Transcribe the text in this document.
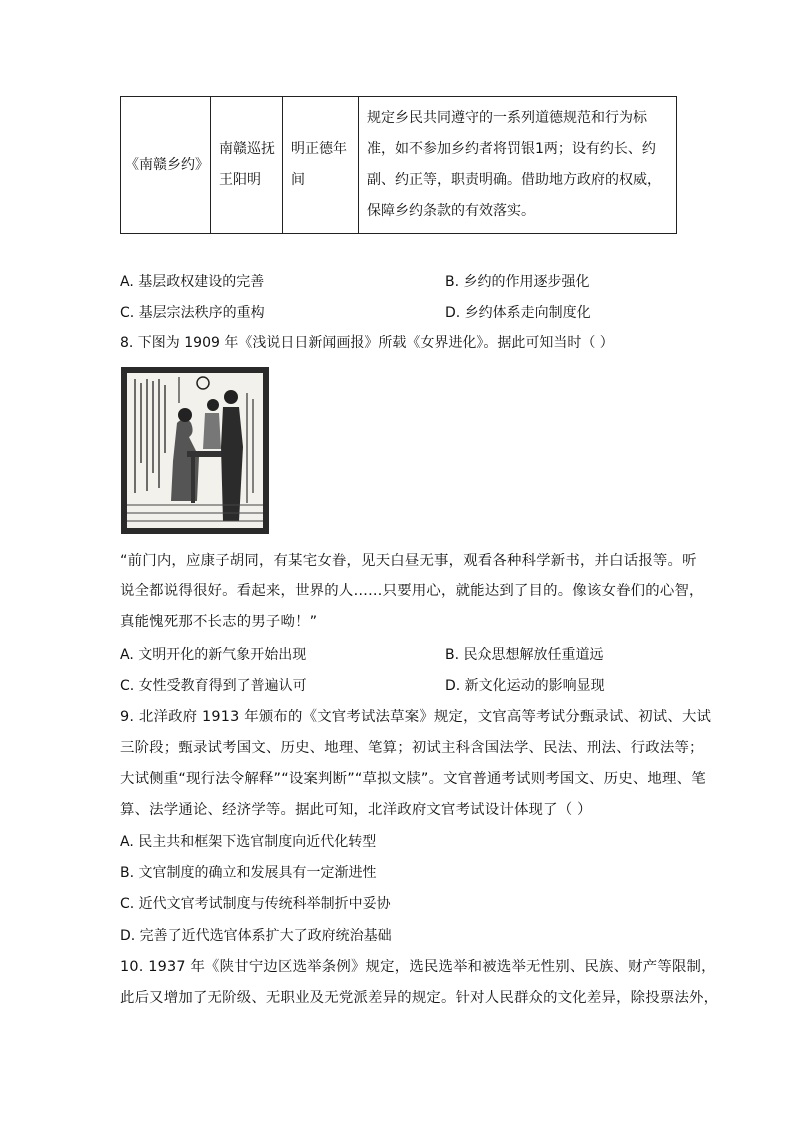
《南赣乡约》	南赣巡抚王阳明	明正德年间	规定乡民共同遵守的一系列道德规范和行为标准，如不参加乡约者将罚银1两；设有约长、约副、约正等，职责明确。借助地方政府的权威，保障乡约条款的有效落实。
A. 基层政权建设的完善	B. 乡约的作用逐步强化
C. 基层宗法秩序的重构	D. 乡约体系走向制度化
8. 下图为 1909 年《浅说日日新闻画报》所载《女界进化》。据此可知当时（ ）
“前门内，应康子胡同，有某宅女眷，见天白昼无事，观看各种科学新书，并白话报等。听
说全都说得很好。看起来，世界的人……只要用心，就能达到了目的。像该女眷们的心智，
真能愧死那不长志的男子呦！”
A. 文明开化的新气象开始出现	B. 民众思想解放任重道远
C. 女性受教育得到了普遍认可	D. 新文化运动的影响显现
9. 北洋政府 1913 年颁布的《文官考试法草案》规定，文官高等考试分甄录试、初试、大试
三阶段；甄录试考国文、历史、地理、笔算；初试主科含国法学、民法、刑法、行政法等；
大试侧重“现行法令解释”“设案判断”“草拟文牍”。文官普通考试则考国文、历史、地理、笔
算、法学通论、经济学等。据此可知，北洋政府文官考试设计体现了（ ）
A. 民主共和框架下选官制度向近代化转型
B. 文官制度的确立和发展具有一定渐进性
C. 近代文官考试制度与传统科举制折中妥协
D. 完善了近代选官体系扩大了政府统治基础
10. 1937 年《陕甘宁边区选举条例》规定，选民选举和被选举无性别、民族、财产等限制，
此后又增加了无阶级、无职业及无党派差异的规定。针对人民群众的文化差异，除投票法外，
